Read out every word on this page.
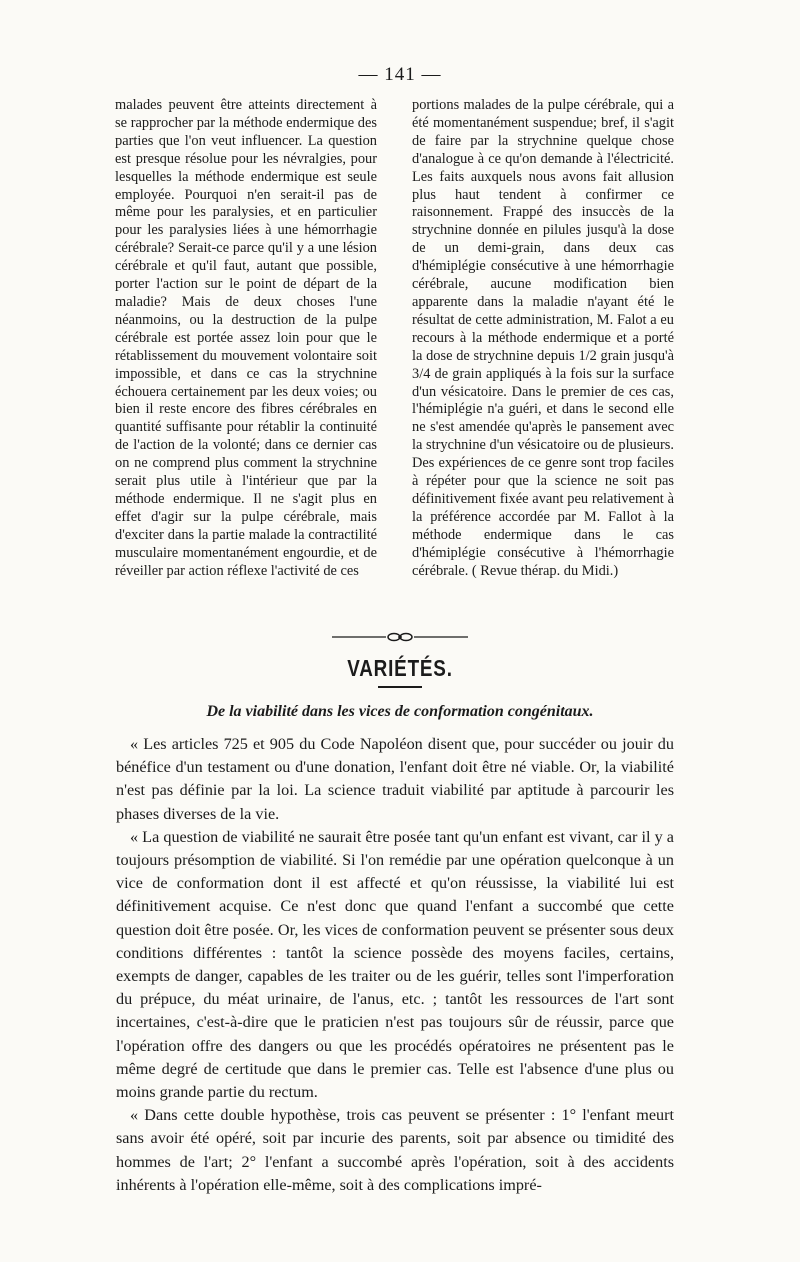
— 141 —

malades peuvent être atteints directement à se rapprocher par la méthode endermique des parties que l'on veut influencer. La question est presque résolue pour les névralgies, pour lesquelles la méthode endermique est seule employée. Pourquoi n'en serait-il pas de même pour les paralysies, et en particulier pour les paralysies liées à une hémorrhagie cérébrale? Serait-ce parce qu'il y a une lésion cérébrale et qu'il faut, autant que possible, porter l'action sur le point de départ de la maladie? Mais de deux choses l'une néanmoins, ou la destruction de la pulpe cérébrale est portée assez loin pour que le rétablissement du mouvement volontaire soit impossible, et dans ce cas la strychnine échouera certainement par les deux voies; ou bien il reste encore des fibres cérébrales en quantité suffisante pour rétablir la continuité de l'action de la volonté; dans ce dernier cas on ne comprend plus comment la strychnine serait plus utile à l'intérieur que par la méthode endermique. Il ne s'agit plus en effet d'agir sur la pulpe cérébrale, mais d'exciter dans la partie malade la contractilité musculaire momentanément engourdie, et de réveiller par action réflexe l'activité de ces

portions malades de la pulpe cérébrale, qui a été momentanément suspendue; bref, il s'agit de faire par la strychnine quelque chose d'analogue à ce qu'on demande à l'électricité. Les faits auxquels nous avons fait allusion plus haut tendent à confirmer ce raisonnement. Frappé des insuccès de la strychnine donnée en pilules jusqu'à la dose de un demi-grain, dans deux cas d'hémiplégie consécutive à une hémorrhagie cérébrale, aucune modification bien apparente dans la maladie n'ayant été le résultat de cette administration, M. Falot a eu recours à la méthode endermique et a porté la dose de strychnine depuis 1/2 grain jusqu'à 3/4 de grain appliqués à la fois sur la surface d'un vésicatoire. Dans le premier de ces cas, l'hémiplégie n'a guéri, et dans le second elle ne s'est amendée qu'après le pansement avec la strychnine d'un vésicatoire ou de plusieurs. Des expériences de ce genre sont trop faciles à répéter pour que la science ne soit pas définitivement fixée avant peu relativement à la préférence accordée par M. Fallot à la méthode endermique dans le cas d'hémiplégie consécutive à l'hémorrhagie cérébrale. ( Revue thérap. du Midi.)

VARIÉTÉS.
De la viabilité dans les vices de conformation congénitaux.

« Les articles 725 et 905 du Code Napoléon disent que, pour succéder ou jouir du bénéfice d'un testament ou d'une donation, l'enfant doit être né viable. Or, la viabilité n'est pas définie par la loi. La science traduit viabilité par aptitude à parcourir les phases diverses de la vie.

« La question de viabilité ne saurait être posée tant qu'un enfant est vivant, car il y a toujours présomption de viabilité. Si l'on remédie par une opération quelconque à un vice de conformation dont il est affecté et qu'on réussisse, la viabilité lui est définitivement acquise. Ce n'est donc que quand l'enfant a succombé que cette question doit être posée. Or, les vices de conformation peuvent se présenter sous deux conditions différentes : tantôt la science possède des moyens faciles, certains, exempts de danger, capables de les traiter ou de les guérir, telles sont l'imperforation du prépuce, du méat urinaire, de l'anus, etc. ; tantôt les ressources de l'art sont incertaines, c'est-à-dire que le praticien n'est pas toujours sûr de réussir, parce que l'opération offre des dangers ou que les procédés opératoires ne présentent pas le même degré de certitude que dans le premier cas. Telle est l'absence d'une plus ou moins grande partie du rectum.

« Dans cette double hypothèse, trois cas peuvent se présenter : 1° l'enfant meurt sans avoir été opéré, soit par incurie des parents, soit par absence ou timidité des hommes de l'art; 2° l'enfant a succombé après l'opération, soit à des accidents inhérents à l'opération elle-même, soit à des complications impré-
